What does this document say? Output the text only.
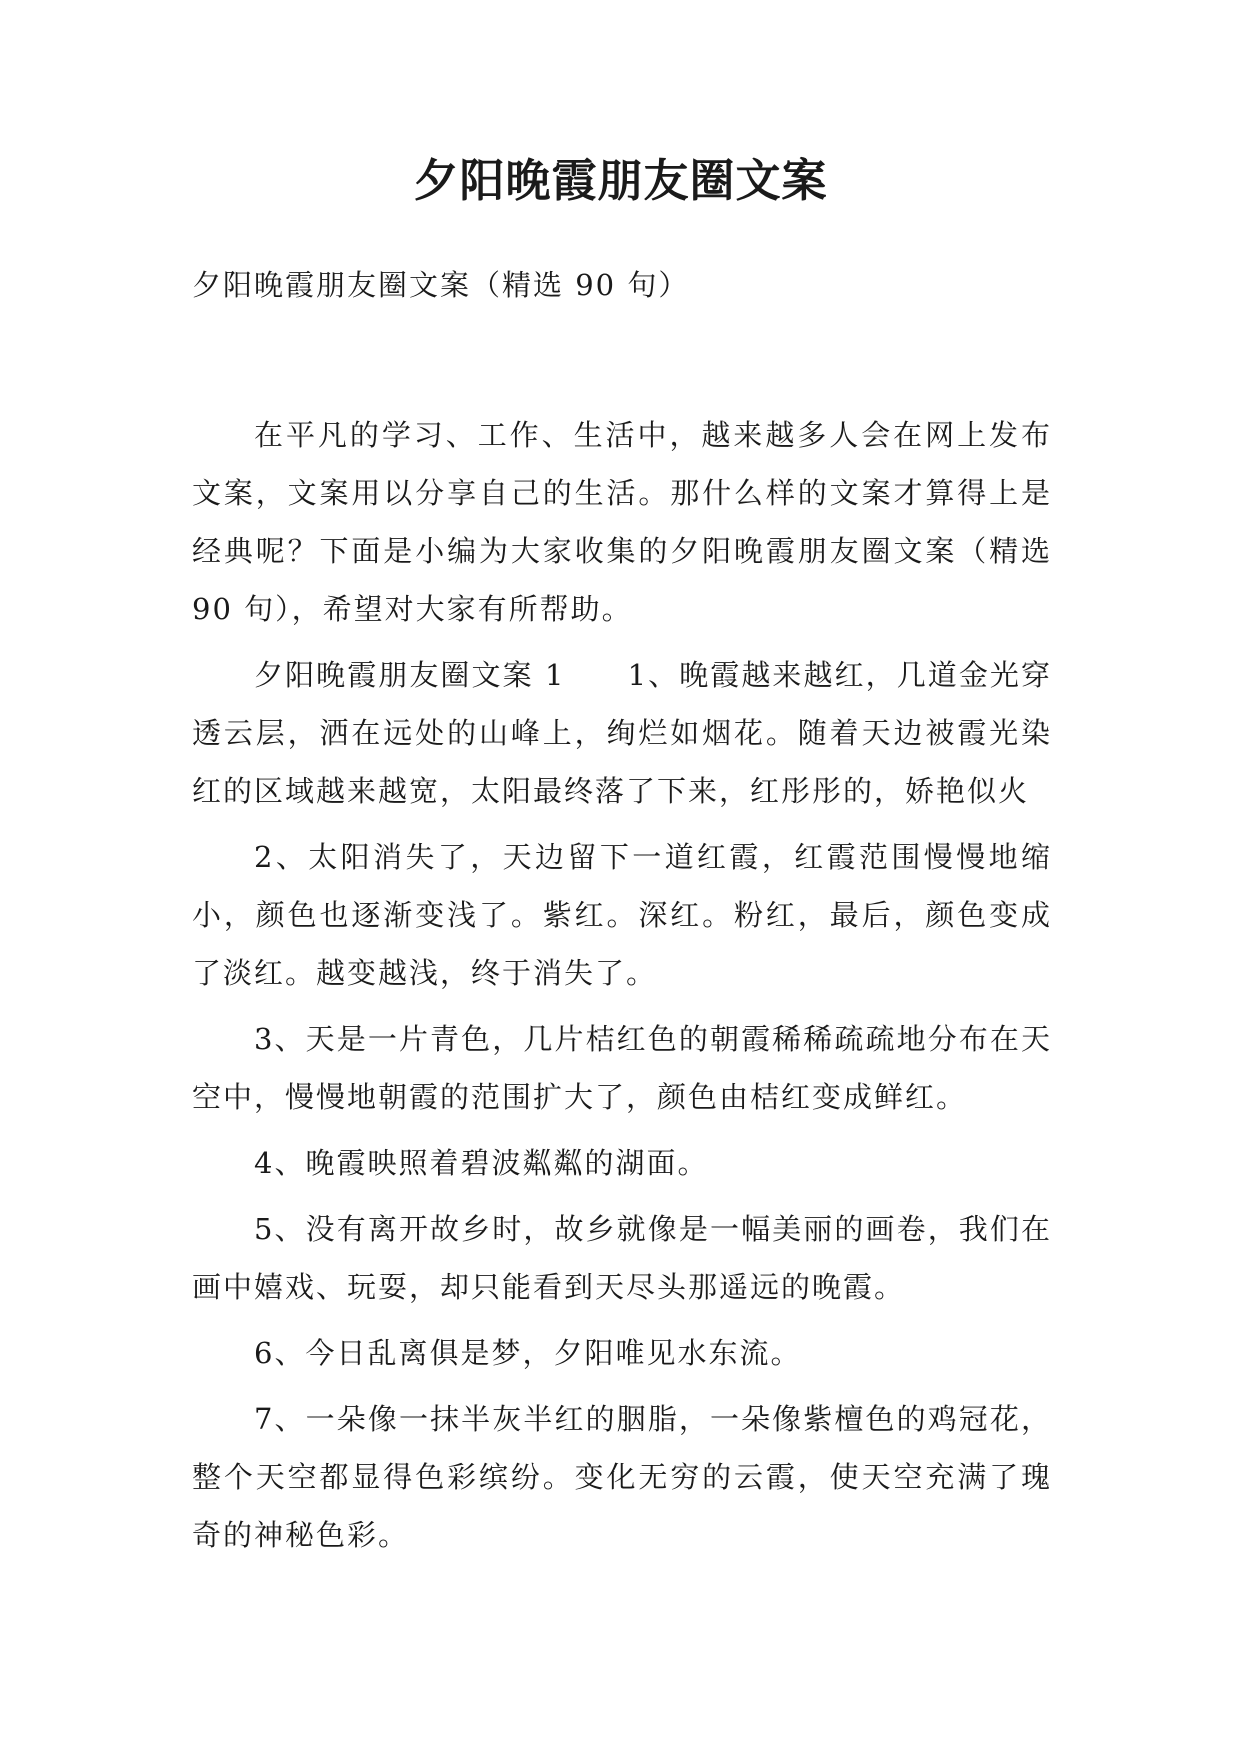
夕阳晚霞朋友圈文案
夕阳晚霞朋友圈文案（精选 90 句）

在平凡的学习、工作、生活中，越来越多人会在网上发布文案，文案用以分享自己的生活。那什么样的文案才算得上是经典呢？下面是小编为大家收集的夕阳晚霞朋友圈文案（精选 90 句），希望对大家有所帮助。

夕阳晚霞朋友圈文案 1　　1、晚霞越来越红，几道金光穿透云层，洒在远处的山峰上，绚烂如烟花。随着天边被霞光染红的区域越来越宽，太阳最终落了下来，红彤彤的，娇艳似火

2、太阳消失了，天边留下一道红霞，红霞范围慢慢地缩小，颜色也逐渐变浅了。紫红。深红。粉红，最后，颜色变成了淡红。越变越浅，终于消失了。

3、天是一片青色，几片桔红色的朝霞稀稀疏疏地分布在天空中，慢慢地朝霞的范围扩大了，颜色由桔红变成鲜红。

4、晚霞映照着碧波粼粼的湖面。

5、没有离开故乡时，故乡就像是一幅美丽的画卷，我们在画中嬉戏、玩耍，却只能看到天尽头那遥远的晚霞。

6、今日乱离俱是梦，夕阳唯见水东流。

7、一朵像一抹半灰半红的胭脂，一朵像紫檀色的鸡冠花，整个天空都显得色彩缤纷。变化无穷的云霞，使天空充满了瑰奇的神秘色彩。
